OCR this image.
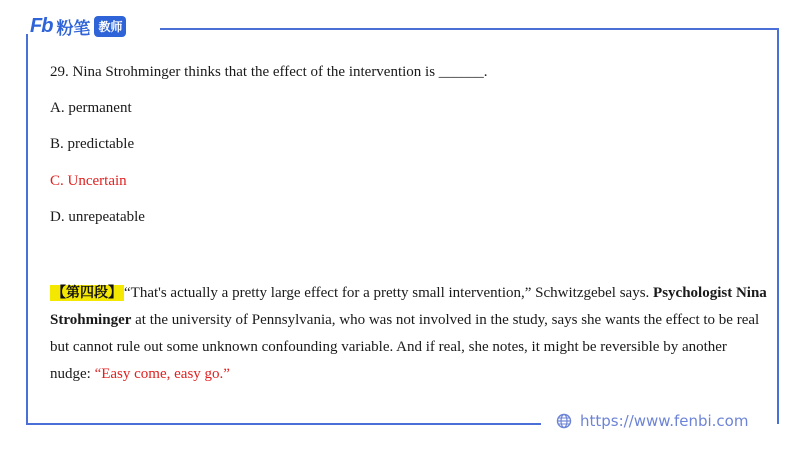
Fb 粉笔 教师
29. Nina Strohminger thinks that the effect of the intervention is ______.
A. permanent
B. predictable
C. Uncertain
D. unrepeatable
【第四段】 “That's actually a pretty large effect for a pretty small intervention,” Schwitzgebel says. Psychologist Nina Strohminger at the university of Pennsylvania, who was not involved in the study, says she wants the effect to be real but cannot rule out some unknown confounding variable. And if real, she notes, it might be reversible by another nudge: “Easy come, easy go.”
https://www.fenbi.com
